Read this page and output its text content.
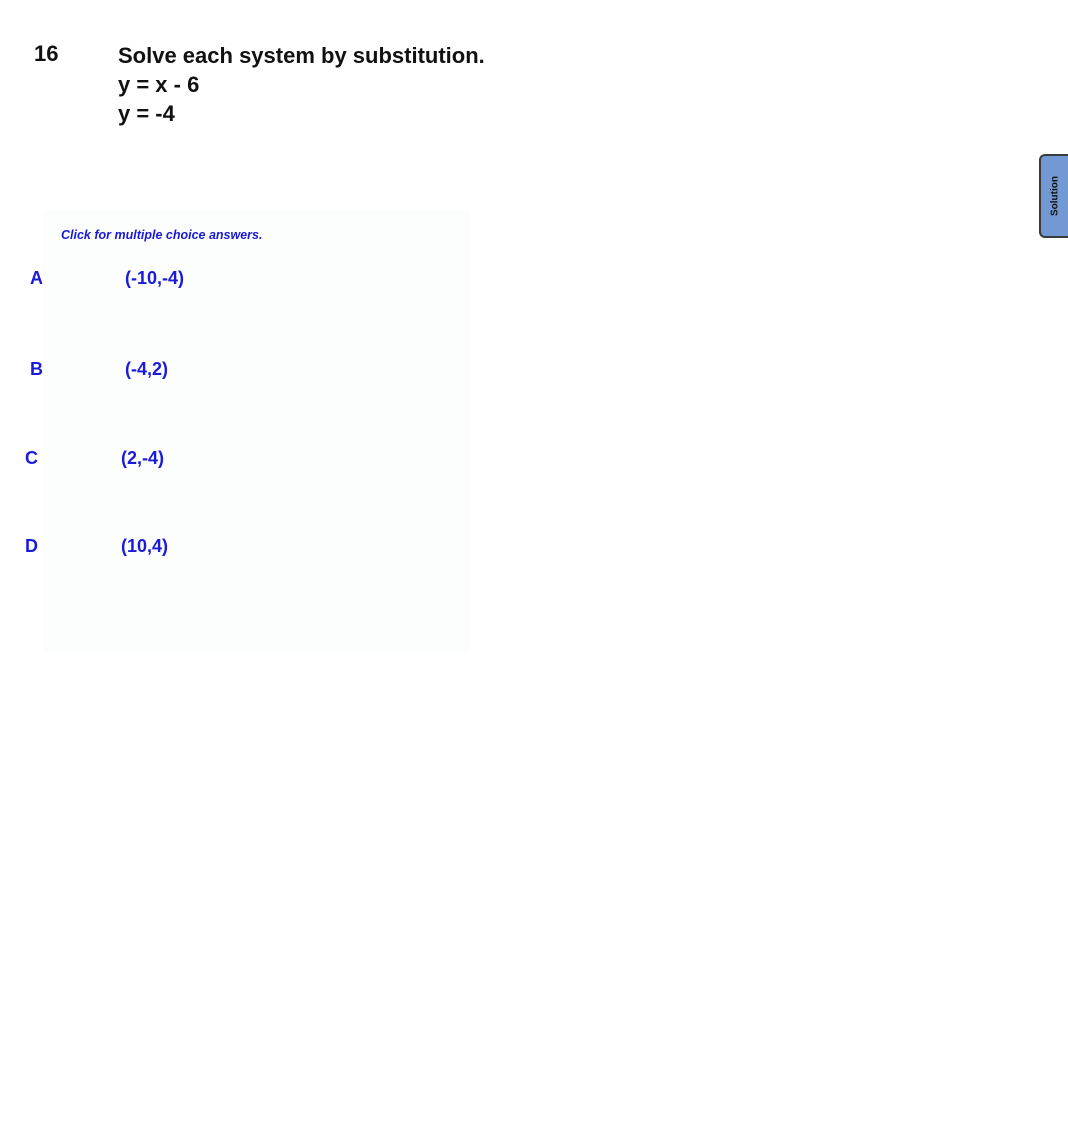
16	Solve each system by substitution.
y = x - 6
y = -4
Click for multiple choice answers.
A	(-10,-4)
B	(-4,2)
C	(2,-4)
D	(10,4)
Solution
